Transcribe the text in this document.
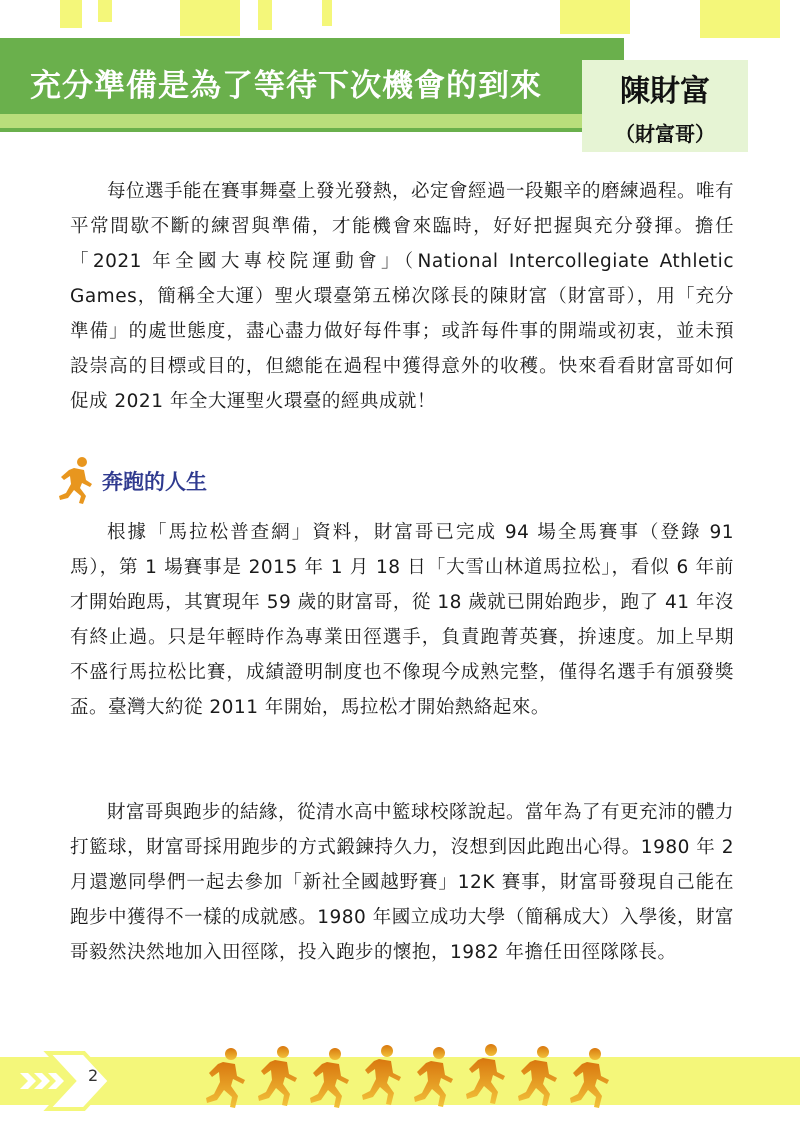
充分準備是為了等待下次機會的到來	陳財富
（財富哥）

每位選手能在賽事舞臺上發光發熱，必定會經過一段艱辛的磨練過程。唯有平常間歇不斷的練習與準備，才能機會來臨時，好好把握與充分發揮。擔任「2021 年全國大專校院運動會」（National Intercollegiate Athletic Games，簡稱全大運）聖火環臺第五梯次隊長的陳財富（財富哥），用「充分準備」的處世態度，盡心盡力做好每件事；或許每件事的開端或初衷，並未預設崇高的目標或目的，但總能在過程中獲得意外的收穫。快來看看財富哥如何促成 2021 年全大運聖火環臺的經典成就！

奔跑的人生

根據「馬拉松普查網」資料，財富哥已完成 94 場全馬賽事（登錄 91 馬），第 1 場賽事是 2015 年 1 月 18 日「大雪山林道馬拉松」，看似 6 年前才開始跑馬，其實現年 59 歲的財富哥，從 18 歲就已開始跑步，跑了 41 年沒有終止過。只是年輕時作為專業田徑選手，負責跑菁英賽，拚速度。加上早期不盛行馬拉松比賽，成績證明制度也不像現今成熟完整，僅得名選手有頒發獎盃。臺灣大約從 2011 年開始，馬拉松才開始熱絡起來。

財富哥與跑步的結緣，從清水高中籃球校隊說起。當年為了有更充沛的體力打籃球，財富哥採用跑步的方式鍛鍊持久力，沒想到因此跑出心得。1980 年 2 月還邀同學們一起去參加「新社全國越野賽」12K 賽事，財富哥發現自己能在跑步中獲得不一樣的成就感。1980 年國立成功大學（簡稱成大）入學後，財富哥毅然決然地加入田徑隊，投入跑步的懷抱，1982 年擔任田徑隊隊長。

2
